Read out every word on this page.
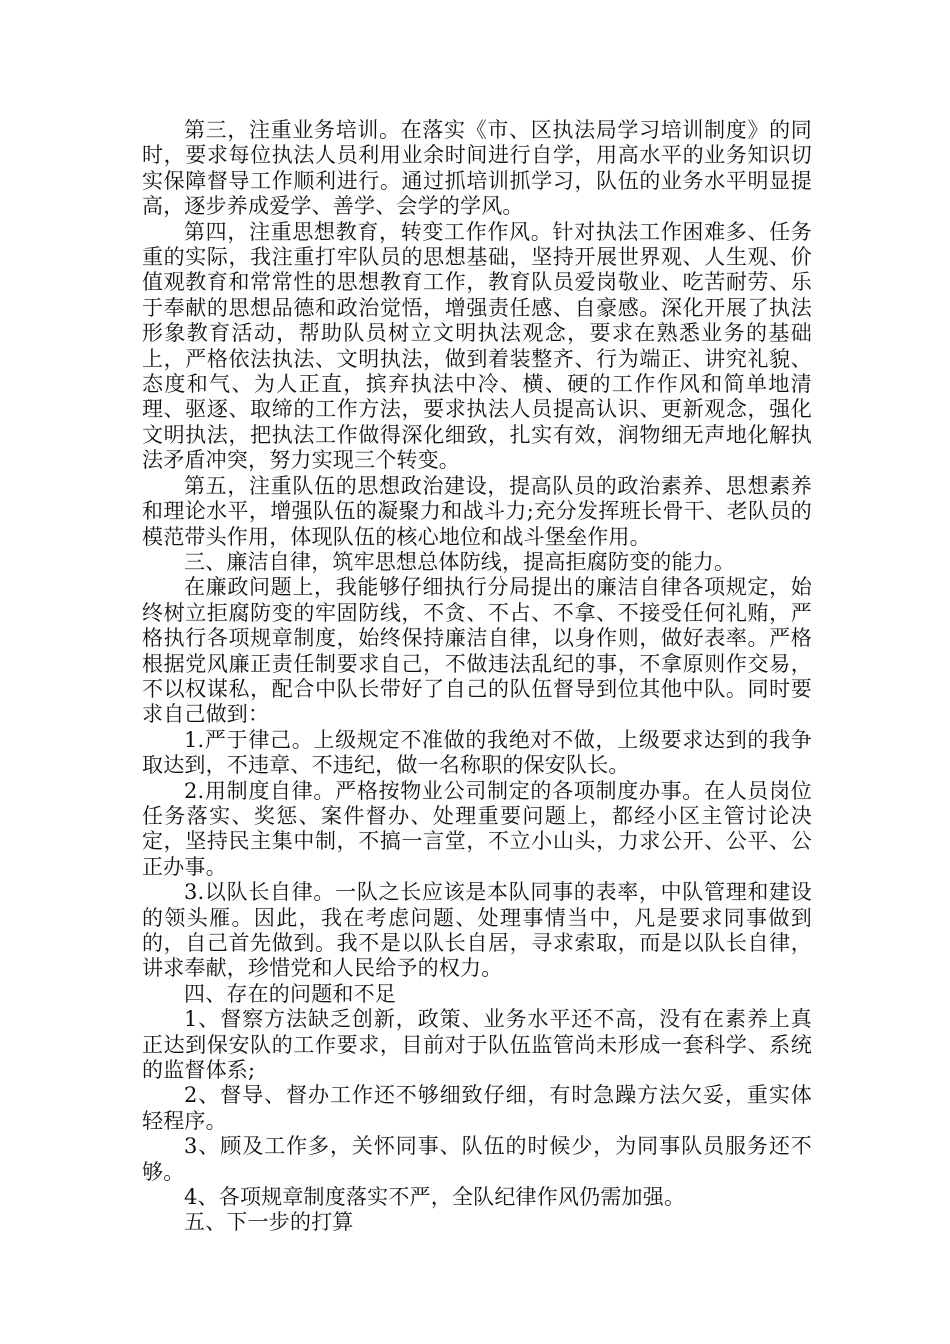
第三，注重业务培训。在落实《市、区执法局学习培训制度》的同时，要求每位执法人员利用业余时间进行自学，用高水平的业务知识切实保障督导工作顺利进行。通过抓培训抓学习，队伍的业务水平明显提高，逐步养成爱学、善学、会学的学风。

第四，注重思想教育，转变工作作风。针对执法工作困难多、任务重的实际，我注重打牢队员的思想基础，坚持开展世界观、人生观、价值观教育和常常性的思想教育工作，教育队员爱岗敬业、吃苦耐劳、乐于奉献的思想品德和政治觉悟，增强责任感、自豪感。深化开展了执法形象教育活动，帮助队员树立文明执法观念，要求在熟悉业务的基础上，严格依法执法、文明执法，做到着装整齐、行为端正、讲究礼貌、态度和气、为人正直，摈弃执法中冷、横、硬的工作作风和简单地清理、驱逐、取缔的工作方法，要求执法人员提高认识、更新观念，强化文明执法，把执法工作做得深化细致，扎实有效，润物细无声地化解执法矛盾冲突，努力实现三个转变。

第五，注重队伍的思想政治建设，提高队员的政治素养、思想素养和理论水平，增强队伍的凝聚力和战斗力;充分发挥班长骨干、老队员的模范带头作用，体现队伍的核心地位和战斗堡垒作用。

三、廉洁自律，筑牢思想总体防线，提高拒腐防变的能力。

在廉政问题上，我能够仔细执行分局提出的廉洁自律各项规定，始终树立拒腐防变的牢固防线，不贪、不占、不拿、不接受任何礼贿，严格执行各项规章制度，始终保持廉洁自律，以身作则，做好表率。严格根据党风廉正责任制要求自己，不做违法乱纪的事，不拿原则作交易，不以权谋私，配合中队长带好了自己的队伍督导到位其他中队。同时要求自己做到：

1.严于律己。上级规定不准做的我绝对不做，上级要求达到的我争取达到，不违章、不违纪，做一名称职的保安队长。

2.用制度自律。严格按物业公司制定的各项制度办事。在人员岗位任务落实、奖惩、案件督办、处理重要问题上，都经小区主管讨论决定，坚持民主集中制，不搞一言堂，不立小山头，力求公开、公平、公正办事。

3.以队长自律。一队之长应该是本队同事的表率，中队管理和建设的领头雁。因此，我在考虑问题、处理事情当中，凡是要求同事做到的，自己首先做到。我不是以队长自居，寻求索取，而是以队长自律，讲求奉献，珍惜党和人民给予的权力。

四、存在的问题和不足

1、督察方法缺乏创新，政策、业务水平还不高，没有在素养上真正达到保安队的工作要求，目前对于队伍监管尚未形成一套科学、系统的监督体系;

2、督导、督办工作还不够细致仔细，有时急躁方法欠妥，重实体轻程序。

3、顾及工作多，关怀同事、队伍的时候少，为同事队员服务还不够。

4、各项规章制度落实不严，全队纪律作风仍需加强。

五、下一步的打算
